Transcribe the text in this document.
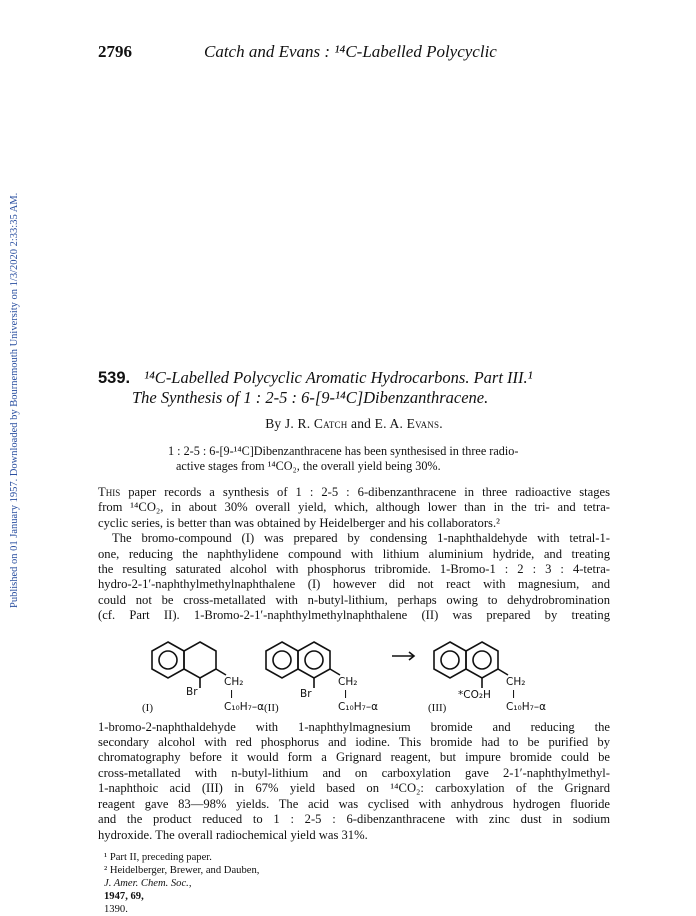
Published on 01 January 1957. Downloaded by Bournemouth University on 1/3/2020 2:33:35 AM.
2796	Catch and Evans : ¹⁴C-Labelled Polycyclic
539. ¹⁴C-Labelled Polycyclic Aromatic Hydrocarbons. Part III.¹
The Synthesis of 1 : 2-5 : 6-[9-¹⁴C]Dibenzanthracene.
By J. R. Catch and E. A. Evans.
1 : 2-5 : 6-[9-¹⁴C]Dibenzanthracene has been synthesised in three radio-
active stages from ¹⁴CO₂, the overall yield being 30%.
This paper records a synthesis of 1 : 2-5 : 6-dibenzanthracene in three radioactive stages
from ¹⁴CO₂, in about 30% overall yield, which, although lower than in the tri- and tetra-
cyclic series, is better than was obtained by Heidelberger and his collaborators.²
The bromo-compound (I) was prepared by condensing 1-naphthaldehyde with tetral-1-
one, reducing the naphthylidene compound with lithium aluminium hydride, and treating
the resulting saturated alcohol with phosphorus tribromide. 1-Bromo-1 : 2 : 3 : 4-tetra-
hydro-2-1′-naphthylmethylnaphthalene (I) however did not react with magnesium, and
could not be cross-metallated with n-butyl-lithium, perhaps owing to dehydrobromination
(cf. Part II). 1-Bromo-2-1′-naphthylmethylnaphthalene (II) was prepared by treating
(I)
Br
CH₂
I
C₁₀H₇–α (II)
Br
CH₂
I
C₁₀H₇–α	(III)
*CO₂H
CH₂
I
C₁₀H₇–α
1-bromo-2-naphthaldehyde with 1-naphthylmagnesium bromide and reducing the
secondary alcohol with red phosphorus and iodine. This bromide had to be purified by
chromatography before it would form a Grignard reagent, but impure bromide could be
cross-metallated with n-butyl-lithium and on carboxylation gave 2-1′-naphthylmethyl-
1-naphthoic acid (III) in 67% yield based on ¹⁴CO₂: carboxylation of the Grignard
reagent gave 83—98% yields. The acid was cyclised with anhydrous hydrogen fluoride
and the product reduced to 1 : 2-5 : 6-dibenzanthracene with zinc dust in sodium
hydroxide. The overall radiochemical yield was 31%.
¹ Part II, preceding paper.
² Heidelberger, Brewer, and Dauben,
J. Amer. Chem. Soc.,
1947, 69,
1390.
